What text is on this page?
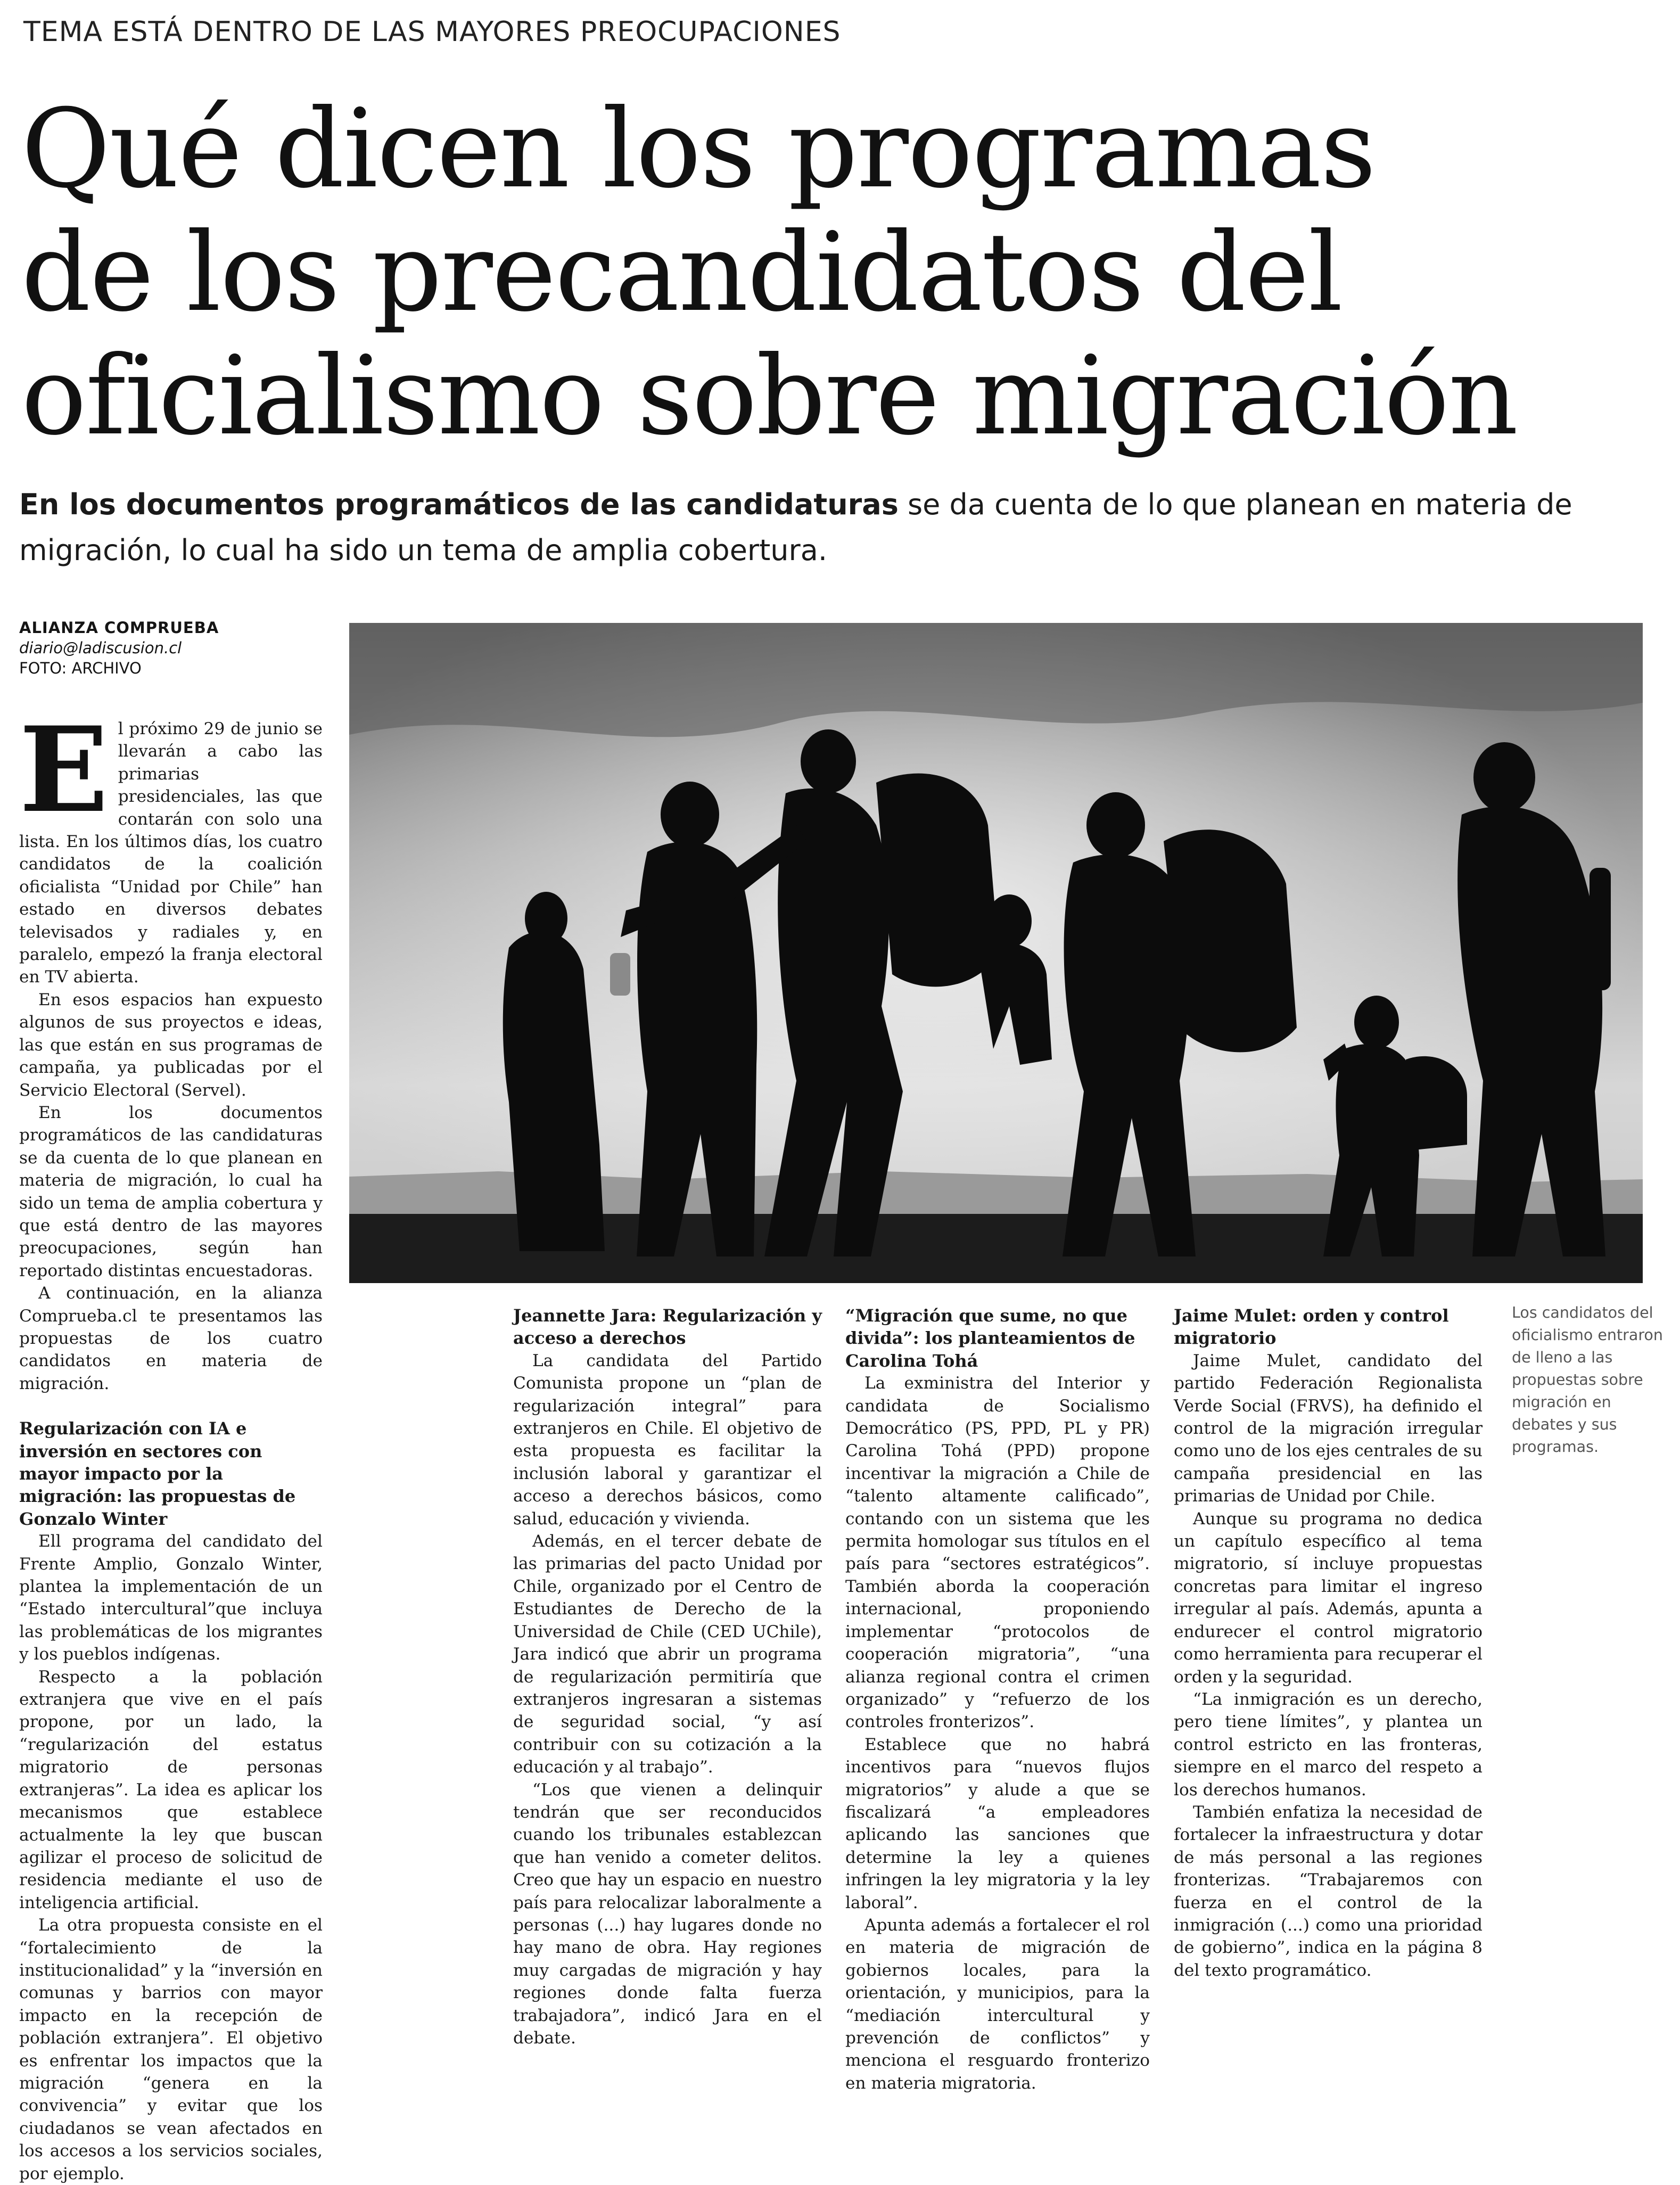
TEMA ESTÁ DENTRO DE LAS MAYORES PREOCUPACIONES
Qué dicen los programas
de los precandidatos del
oficialismo sobre migración
En los documentos programáticos de las candidaturas se da cuenta de lo que planean en materia de migración, lo cual ha sido un tema de amplia cobertura.
ALIANZA COMPRUEBA
diario@ladiscusion.cl
FOTO: ARCHIVO
Los candidatos del oficialismo entraron de lleno a las propuestas sobre migración en debates y sus programas.
E l próximo 29 de junio se llevarán a cabo las primarias presidenciales, las que contarán con solo una lista. En los últimos días, los cuatro candidatos de la coalición oficialista “Unidad por Chile” han estado en diversos debates televisados y radiales y, en paralelo, empezó la franja electoral en TV abierta.

En esos espacios han expuesto algunos de sus proyectos e ideas, las que están en sus programas de campaña, ya publicadas por el Servicio Electoral (Servel).

En los documentos programáticos de las candidaturas se da cuenta de lo que planean en materia de migración, lo cual ha sido un tema de amplia cobertura y que está dentro de las mayores preocupaciones, según han reportado distintas encuestadoras.

A continuación, en la alianza Comprueba.cl te presentamos las propuestas de los cuatro candidatos en materia de migración.

Regularización con IA e inversión en sectores con mayor impacto por la migración: las propuestas de Gonzalo Winter

Ell programa del candidato del Frente Amplio, Gonzalo Winter, plantea la implementación de un “Estado intercultural”que incluya las problemáticas de los migrantes y los pueblos indígenas.

Respecto a la población extranjera que vive en el país propone, por un lado, la “regularización del estatus migratorio de personas extranjeras”. La idea es aplicar los mecanismos que establece actualmente la ley que buscan agilizar el proceso de solicitud de residencia mediante el uso de inteligencia artificial.

La otra propuesta consiste en el “fortalecimiento de la institucionalidad” y la “inversión en comunas y barrios con mayor impacto en la recepción de población extranjera”. El objetivo es enfrentar los impactos que la migración “genera en la convivencia” y evitar que los ciudadanos se vean afectados en los accesos a los servicios sociales, por ejemplo.

Jeannette Jara: Regularización y acceso a derechos

La candidata del Partido Comunista propone un “plan de regularización integral” para extranjeros en Chile. El objetivo de esta propuesta es facilitar la inclusión laboral y garantizar el acceso a derechos básicos, como salud, educación y vivienda.

Además, en el tercer debate de las primarias del pacto Unidad por Chile, organizado por el Centro de Estudiantes de Derecho de la Universidad de Chile (CED UChile), Jara indicó que abrir un programa de regularización permitiría que extranjeros ingresaran a sistemas de seguridad social, “y así contribuir con su cotización a la educación y al trabajo”.

“Los que vienen a delinquir tendrán que ser reconducidos cuando los tribunales establezcan que han venido a cometer delitos. Creo que hay un espacio en nuestro país para relocalizar laboralmente a personas (...) hay lugares donde no hay mano de obra. Hay regiones muy cargadas de migración y hay regiones donde falta fuerza trabajadora”, indicó Jara en el debate.

“Migración que sume, no que divida”: los planteamientos de Carolina Tohá

La exministra del Interior y candidata de Socialismo Democrático (PS, PPD, PL y PR) Carolina Tohá (PPD) propone incentivar la migración a Chile de “talento altamente calificado”, contando con un sistema que les permita homologar sus títulos en el país para “sectores estratégicos”. También aborda la cooperación internacional, proponiendo implementar “protocolos de cooperación migratoria”, “una alianza regional contra el crimen organizado” y “refuerzo de los controles fronterizos”.

Establece que no habrá incentivos para “nuevos flujos migratorios” y alude a que se fiscalizará “a empleadores aplicando las sanciones que determine la ley a quienes infringen la ley migratoria y la ley laboral”.

Apunta además a fortalecer el rol en materia de migración de gobiernos locales, para la orientación, y municipios, para la “mediación intercultural y prevención de conflictos” y menciona el resguardo fronterizo en materia migratoria.

Jaime Mulet: orden y control migratorio

Jaime Mulet, candidato del partido Federación Regionalista Verde Social (FRVS), ha definido el control de la migración irregular como uno de los ejes centrales de su campaña presidencial en las primarias de Unidad por Chile.

Aunque su programa no dedica un capítulo específico al tema migratorio, sí incluye propuestas concretas para limitar el ingreso irregular al país. Además, apunta a endurecer el control migratorio como herramienta para recuperar el orden y la seguridad.

“La inmigración es un derecho, pero tiene límites”, y plantea un control estricto en las fronteras, siempre en el marco del respeto a los derechos humanos.

También enfatiza la necesidad de fortalecer la infraestructura y dotar de más personal a las regiones fronterizas. “Trabajaremos con fuerza en el control de la inmigración (...) como una prioridad de gobierno”, indica en la página 8 del texto programático.
